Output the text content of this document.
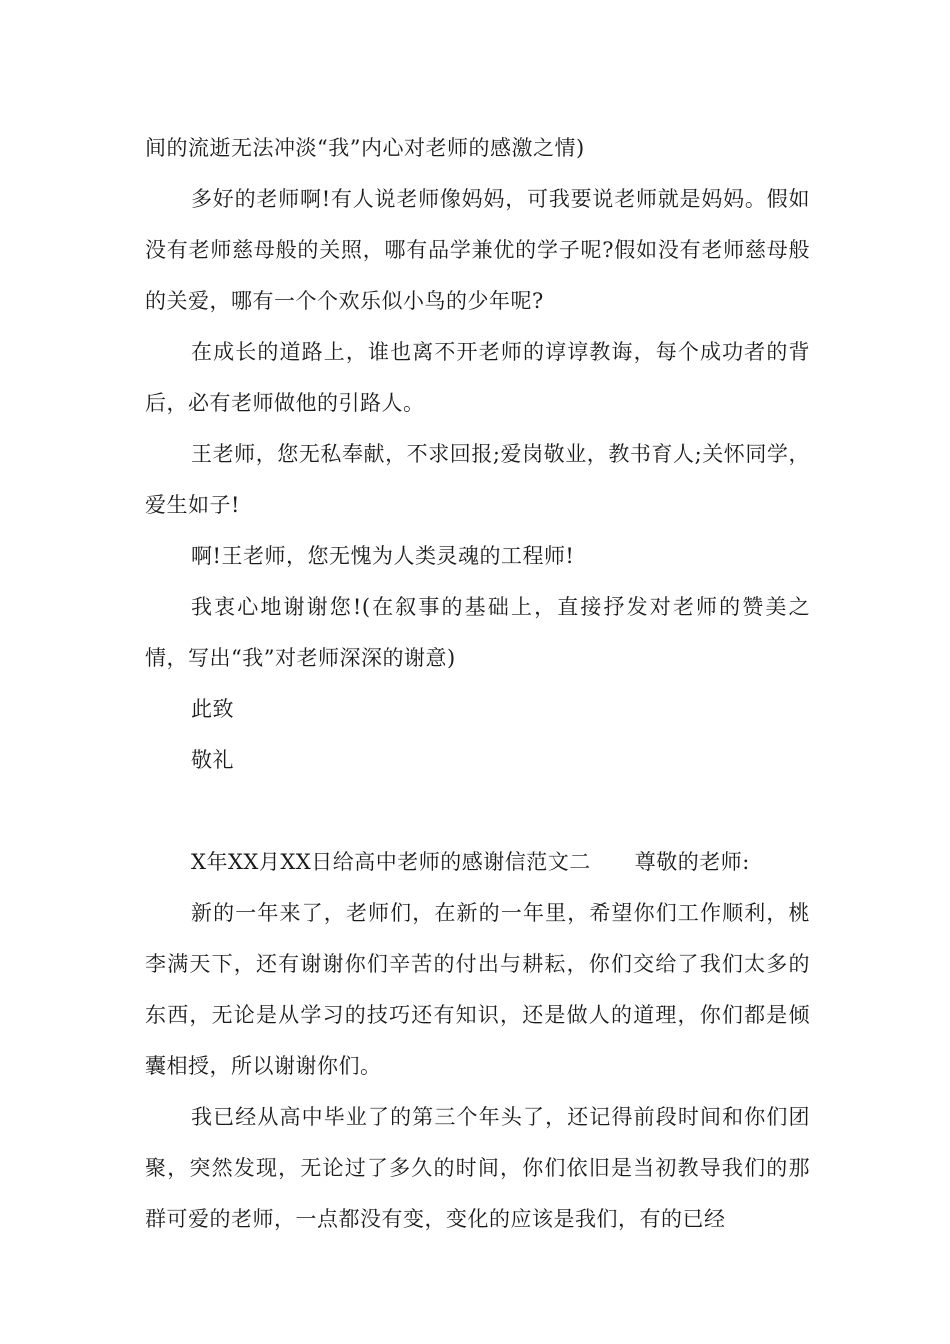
间的流逝无法冲淡“我”内心对老师的感激之情)

多好的老师啊!有人说老师像妈妈，可我要说老师就是妈妈。假如没有老师慈母般的关照，哪有品学兼优的学子呢?假如没有老师慈母般的关爱，哪有一个个欢乐似小鸟的少年呢?

在成长的道路上，谁也离不开老师的谆谆教诲，每个成功者的背后，必有老师做他的引路人。

王老师，您无私奉献，不求回报;爱岗敬业，教书育人;关怀同学，爱生如子!

啊!王老师，您无愧为人类灵魂的工程师!

我衷心地谢谢您!(在叙事的基础上，直接抒发对老师的赞美之情，写出“我”对老师深深的谢意)

此致

敬礼

X年XX月XX日给高中老师的感谢信范文二 尊敬的老师:

新的一年来了，老师们，在新的一年里，希望你们工作顺利，桃李满天下，还有谢谢你们辛苦的付出与耕耘，你们交给了我们太多的东西，无论是从学习的技巧还有知识，还是做人的道理，你们都是倾囊相授，所以谢谢你们。

我已经从高中毕业了的第三个年头了，还记得前段时间和你们团聚，突然发现，无论过了多久的时间，你们依旧是当初教导我们的那群可爱的老师，一点都没有变，变化的应该是我们，有的已经
